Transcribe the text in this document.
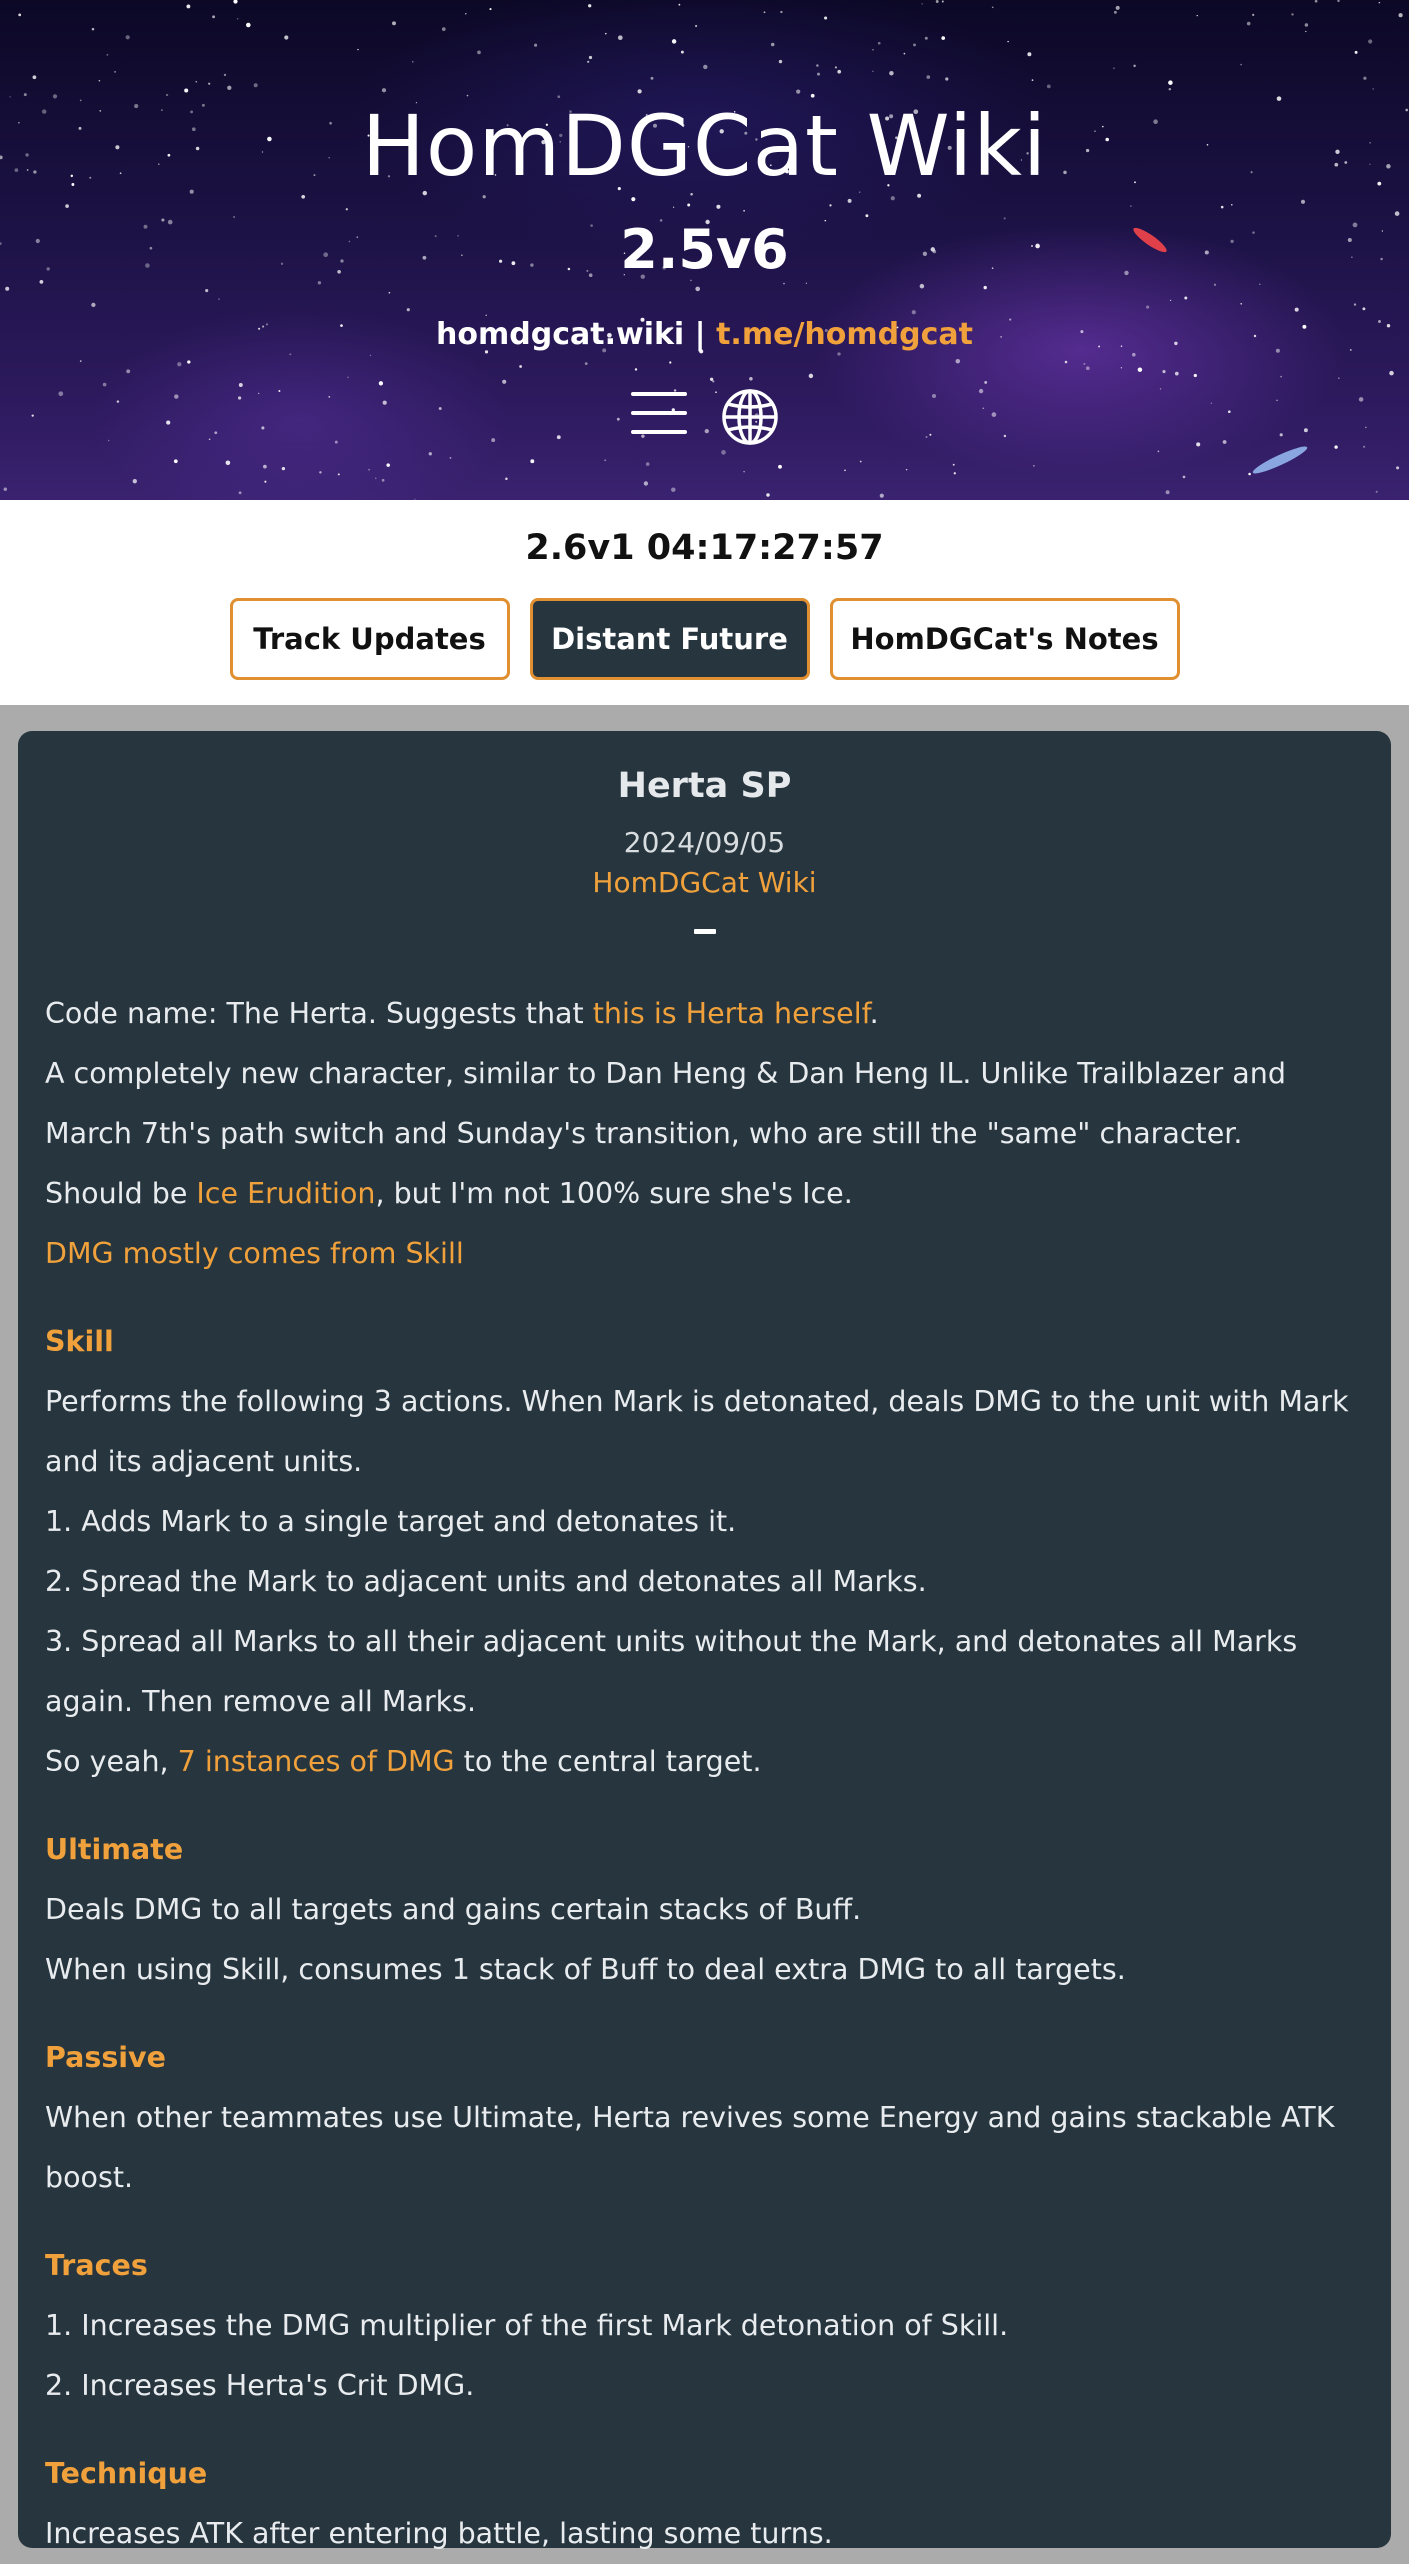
HomDGCat Wiki
2.5v6
homdgcat.wiki | t.me/homdgcat
2.6v1 04:17:27:57
Track Updates	Distant Future	HomDGCat's Notes
Herta SP
2024/09/05
HomDGCat Wiki

Code name: The Herta. Suggests that this is Herta herself.

A completely new character, similar to Dan Heng & Dan Heng IL. Unlike Trailblazer and March 7th's path switch and Sunday's transition, who are still the "same" character.

Should be Ice Erudition, but I'm not 100% sure she's Ice.

DMG mostly comes from Skill

Skill

Performs the following 3 actions. When Mark is detonated, deals DMG to the unit with Mark and its adjacent units.

1. Adds Mark to a single target and detonates it.

2. Spread the Mark to adjacent units and detonates all Marks.

3. Spread all Marks to all their adjacent units without the Mark, and detonates all Marks again. Then remove all Marks.

So yeah, 7 instances of DMG to the central target.

Ultimate

Deals DMG to all targets and gains certain stacks of Buff.

When using Skill, consumes 1 stack of Buff to deal extra DMG to all targets.

Passive

When other teammates use Ultimate, Herta revives some Energy and gains stackable ATK boost.

Traces

1. Increases the DMG multiplier of the first Mark detonation of Skill.

2. Increases Herta's Crit DMG.

Technique

Increases ATK after entering battle, lasting some turns.
